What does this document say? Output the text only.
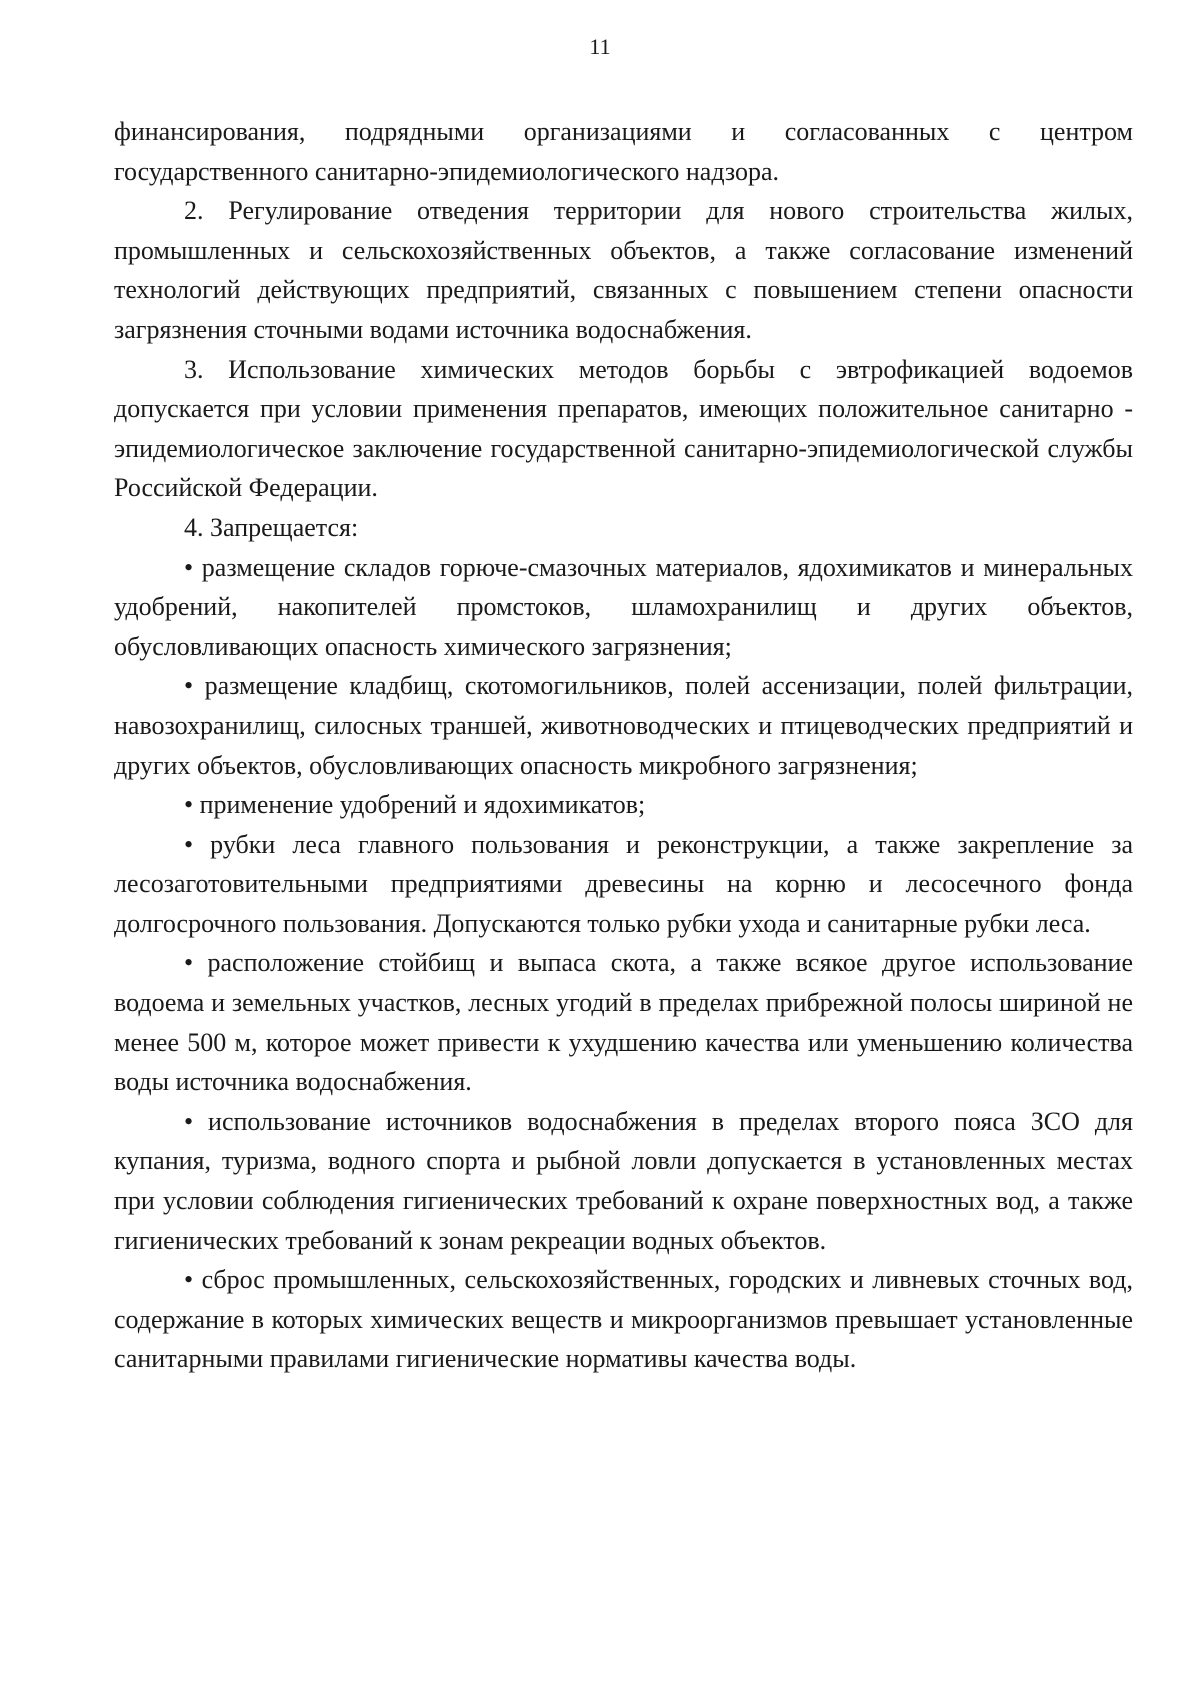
11

финансирования, подрядными организациями и согласованных с центром государственного санитарно-эпидемиологического надзора.

2. Регулирование отведения территории для нового строительства жилых, промышленных и сельскохозяйственных объектов, а также согласование изменений технологий действующих предприятий, связанных с повышением степени опасности загрязнения сточными водами источника водоснабжения.

3. Использование химических методов борьбы с эвтрофикацией водоемов допускается при условии применения препаратов, имеющих положительное санитарно - эпидемиологическое заключение государственной санитарно-эпидемиологической службы Российской Федерации.

4. Запрещается:

• размещение складов горюче-смазочных материалов, ядохимикатов и минеральных удобрений, накопителей промстоков, шламохранилищ и других объектов, обусловливающих опасность химического загрязнения;

• размещение кладбищ, скотомогильников, полей ассенизации, полей фильтрации, навозохранилищ, силосных траншей, животноводческих и птицеводческих предприятий и других объектов, обусловливающих опасность микробного загрязнения;

• применение удобрений и ядохимикатов;

• рубки леса главного пользования и реконструкции, а также закрепление за лесозаготовительными предприятиями древесины на корню и лесосечного фонда долгосрочного пользования. Допускаются только рубки ухода и санитарные рубки леса.

• расположение стойбищ и выпаса скота, а также всякое другое использование водоема и земельных участков, лесных угодий в пределах прибрежной полосы шириной не менее 500 м, которое может привести к ухудшению качества или уменьшению количества воды источника водоснабжения.

• использование источников водоснабжения в пределах второго пояса ЗСО для купания, туризма, водного спорта и рыбной ловли допускается в установленных местах при условии соблюдения гигиенических требований к охране поверхностных вод, а также гигиенических требований к зонам рекреации водных объектов.

• сброс промышленных, сельскохозяйственных, городских и ливневых сточных вод, содержание в которых химических веществ и микроорганизмов превышает установленные санитарными правилами гигиенические нормативы качества воды.
